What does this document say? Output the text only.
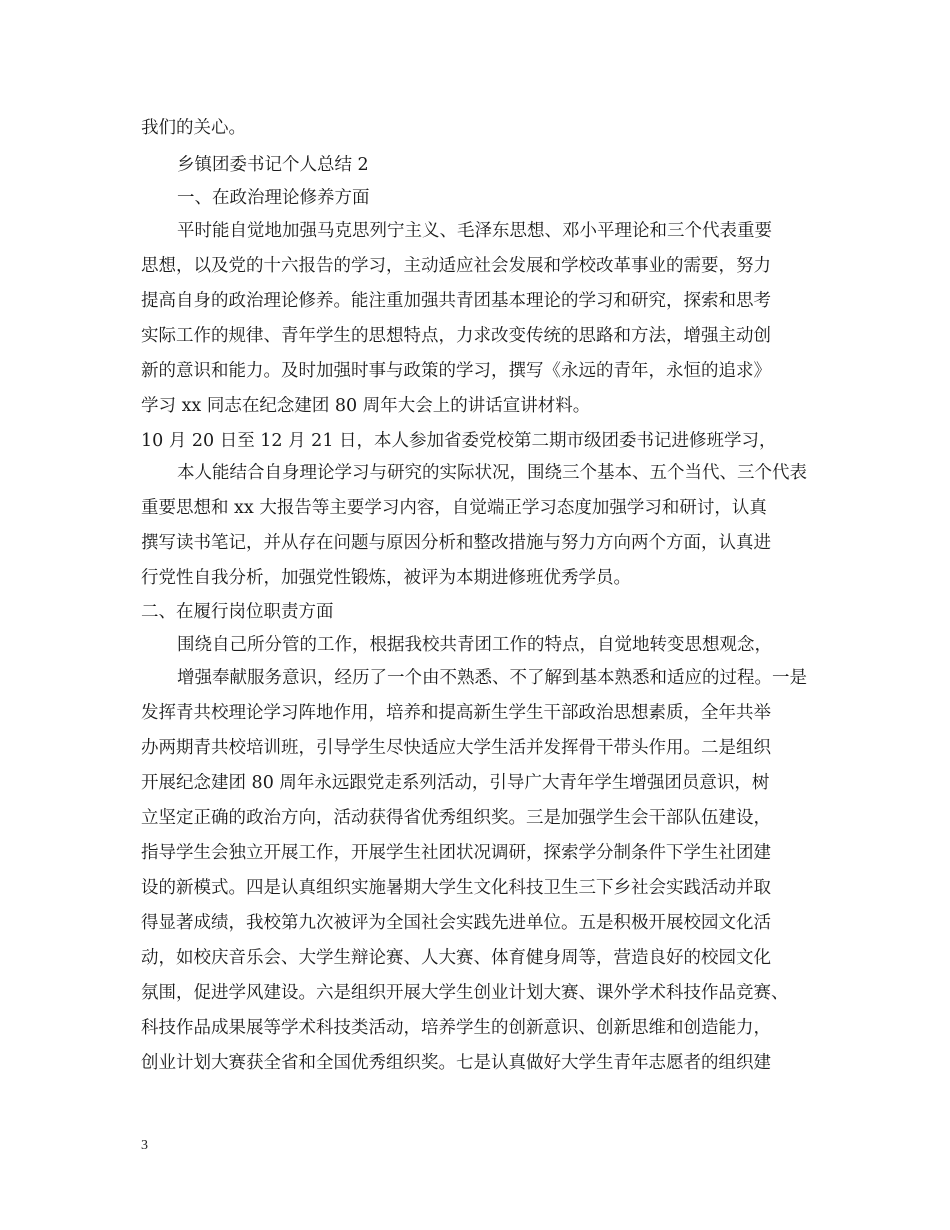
我们的关心。
乡镇团委书记个人总结 2
一、在政治理论修养方面
平时能自觉地加强马克思列宁主义、毛泽东思想、邓小平理论和三个代表重要
思想，以及党的十六报告的学习，主动适应社会发展和学校改革事业的需要，努力
提高自身的政治理论修养。能注重加强共青团基本理论的学习和研究，探索和思考
实际工作的规律、青年学生的思想特点，力求改变传统的思路和方法，增强主动创
新的意识和能力。及时加强时事与政策的学习，撰写《永远的青年，永恒的追求》
学习 xx 同志在纪念建团 80 周年大会上的讲话宣讲材料。
10 月 20 日至 12 月 21 日，本人参加省委党校第二期市级团委书记进修班学习，
本人能结合自身理论学习与研究的实际状况，围绕三个基本、五个当代、三个代表
重要思想和 xx 大报告等主要学习内容，自觉端正学习态度加强学习和研讨，认真
撰写读书笔记，并从存在问题与原因分析和整改措施与努力方向两个方面，认真进
行党性自我分析，加强党性锻炼，被评为本期进修班优秀学员。
二、在履行岗位职责方面
围绕自己所分管的工作，根据我校共青团工作的特点，自觉地转变思想观念，
增强奉献服务意识，经历了一个由不熟悉、不了解到基本熟悉和适应的过程。一是
发挥青共校理论学习阵地作用，培养和提高新生学生干部政治思想素质，全年共举
办两期青共校培训班，引导学生尽快适应大学生活并发挥骨干带头作用。二是组织
开展纪念建团 80 周年永远跟党走系列活动，引导广大青年学生增强团员意识，树
立坚定正确的政治方向，活动获得省优秀组织奖。三是加强学生会干部队伍建设，
指导学生会独立开展工作，开展学生社团状况调研，探索学分制条件下学生社团建
设的新模式。四是认真组织实施暑期大学生文化科技卫生三下乡社会实践活动并取
得显著成绩，我校第九次被评为全国社会实践先进单位。五是积极开展校园文化活
动，如校庆音乐会、大学生辩论赛、人大赛、体育健身周等，营造良好的校园文化
氛围，促进学风建设。六是组织开展大学生创业计划大赛、课外学术科技作品竞赛、
科技作品成果展等学术科技类活动，培养学生的创新意识、创新思维和创造能力，
创业计划大赛获全省和全国优秀组织奖。七是认真做好大学生青年志愿者的组织建
3
